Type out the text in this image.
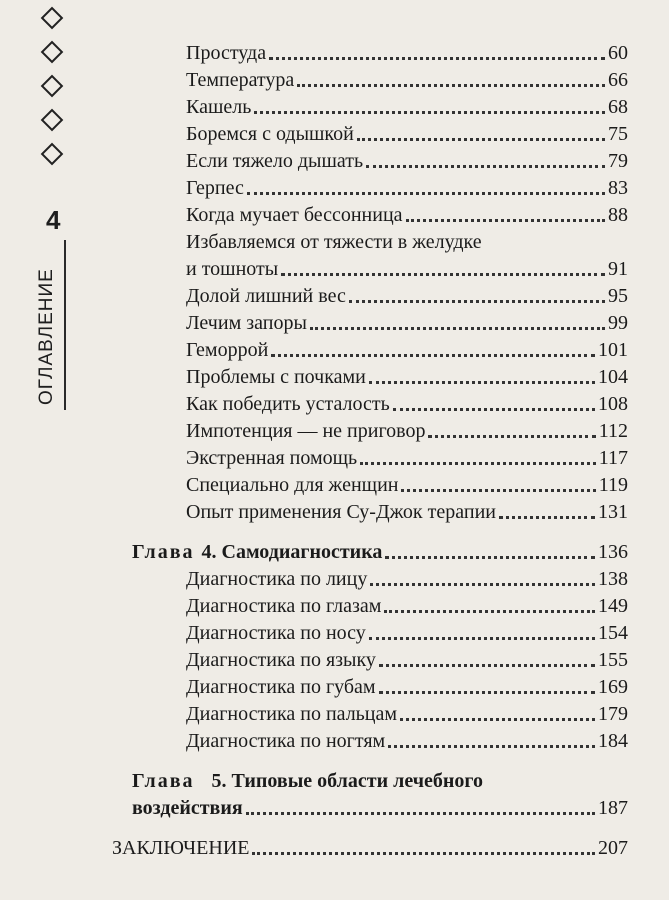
4
ОГЛАВЛЕНИЕ
Простуда	60
Температура	66
Кашель	68
Боремся с одышкой	75
Если тяжело дышать	79
Герпес	83
Когда мучает бессонница	88
Избавляемся от тяжести в желудке
и тошноты	91
Долой лишний вес	95
Лечим запоры	99
Геморрой	101
Проблемы с почками	104
Как победить усталость	108
Импотенция — не приговор	112
Экстренная помощь	117
Специально для женщин	119
Опыт применения Су-Джок терапии	131
Глава 4. Самодиагностика	136
Диагностика по лицу	138
Диагностика по глазам	149
Диагностика по носу	154
Диагностика по языку	155
Диагностика по губам	169
Диагностика по пальцам	179
Диагностика по ногтям	184
Глава 5. Типовые области лечебного
воздействия	187
ЗАКЛЮЧЕНИЕ	207
